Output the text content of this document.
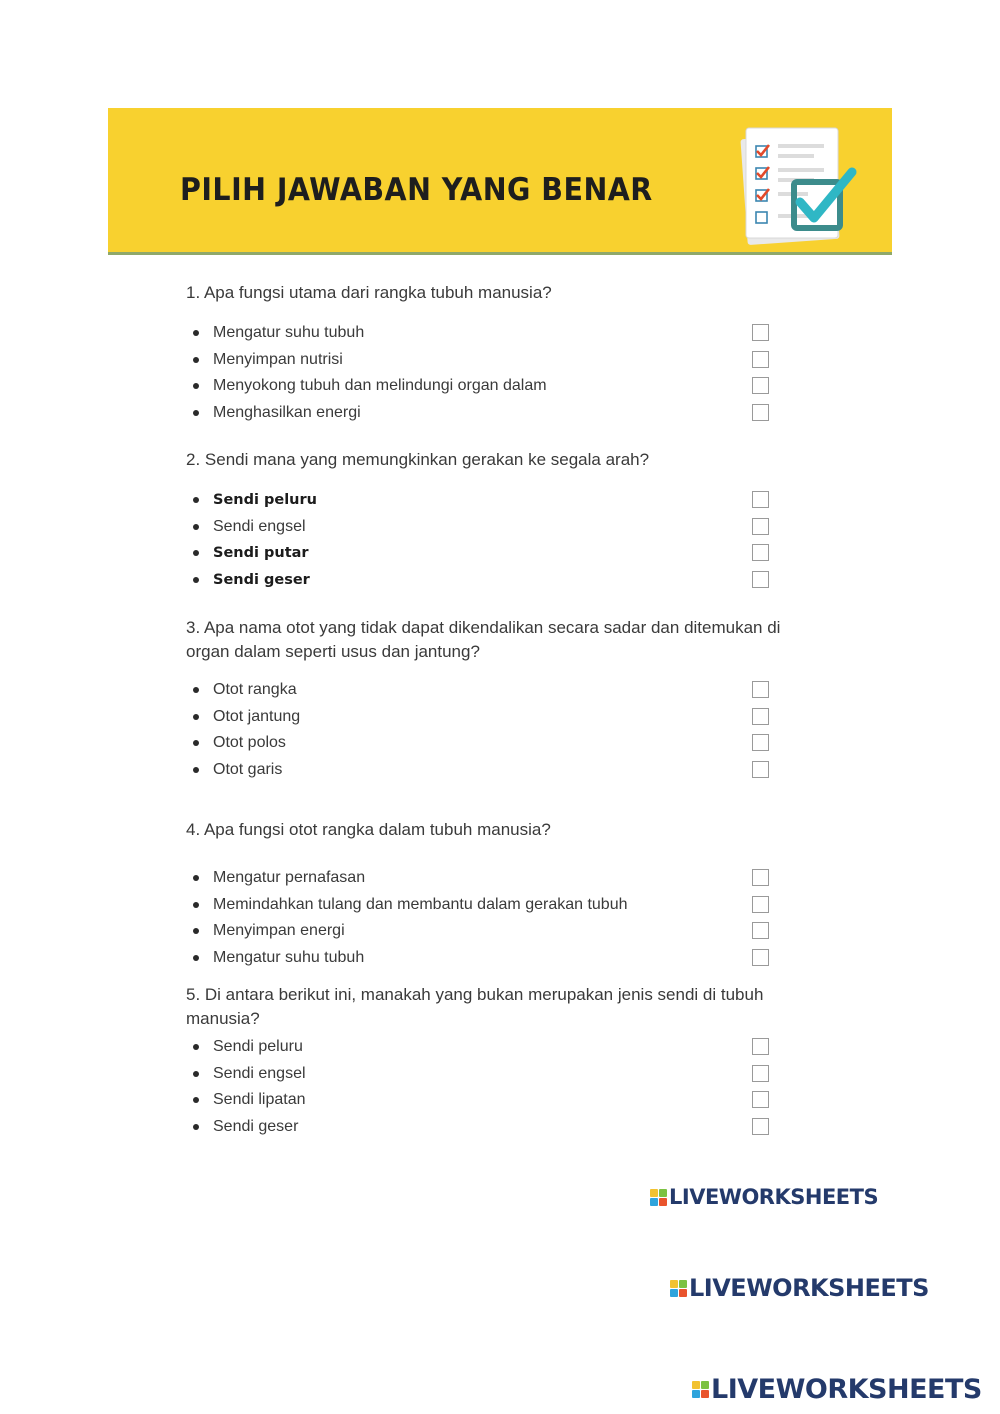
PILIH JAWABAN YANG BENAR
1. Apa fungsi utama dari rangka tubuh manusia?
Mengatur suhu tubuh
Menyimpan nutrisi
Menyokong tubuh dan melindungi organ dalam
Menghasilkan energi
2. Sendi mana yang memungkinkan gerakan ke segala arah?
Sendi peluru
Sendi engsel
Sendi putar
Sendi geser
3. Apa nama otot yang tidak dapat dikendalikan secara sadar dan ditemukan di organ dalam seperti usus dan jantung?
Otot rangka
Otot jantung
Otot polos
Otot garis
4. Apa fungsi otot rangka dalam tubuh manusia?
Mengatur pernafasan
Memindahkan tulang dan membantu dalam gerakan tubuh
Menyimpan energi
Mengatur suhu tubuh
5. Di antara berikut ini, manakah yang bukan merupakan jenis sendi di tubuh manusia?
Sendi peluru
Sendi engsel
Sendi lipatan
Sendi geser
LIVEWORKSHEETS
LIVEWORKSHEETS
LIVEWORKSHEETS
